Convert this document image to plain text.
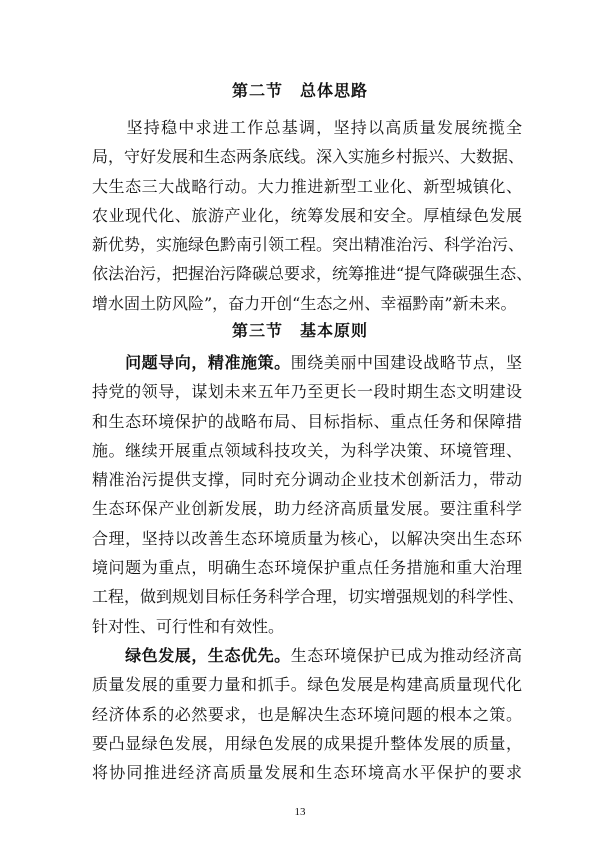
第二节　总体思路
　　坚持稳中求进工作总基调，坚持以高质量发展统揽全
局，守好发展和生态两条底线。深入实施乡村振兴、大数据、
大生态三大战略行动。大力推进新型工业化、新型城镇化、
农业现代化、旅游产业化，统筹发展和安全。厚植绿色发展
新优势，实施绿色黔南引领工程。突出精准治污、科学治污、
依法治污，把握治污降碳总要求，统筹推进“提气降碳强生态、
增水固土防风险”，奋力开创“生态之州、幸福黔南”新未来。
第三节　基本原则
　　问题导向，精准施策。围绕美丽中国建设战略节点，坚
持党的领导，谋划未来五年乃至更长一段时期生态文明建设
和生态环境保护的战略布局、目标指标、重点任务和保障措
施。继续开展重点领域科技攻关，为科学决策、环境管理、
精准治污提供支撑，同时充分调动企业技术创新活力，带动
生态环保产业创新发展，助力经济高质量发展。要注重科学
合理，坚持以改善生态环境质量为核心，以解决突出生态环
境问题为重点，明确生态环境保护重点任务措施和重大治理
工程，做到规划目标任务科学合理，切实增强规划的科学性、
针对性、可行性和有效性。
　　绿色发展，生态优先。生态环境保护已成为推动经济高
质量发展的重要力量和抓手。绿色发展是构建高质量现代化
经济体系的必然要求，也是解决生态环境问题的根本之策。
要凸显绿色发展，用绿色发展的成果提升整体发展的质量，
将协同推进经济高质量发展和生态环境高水平保护的要求
13
